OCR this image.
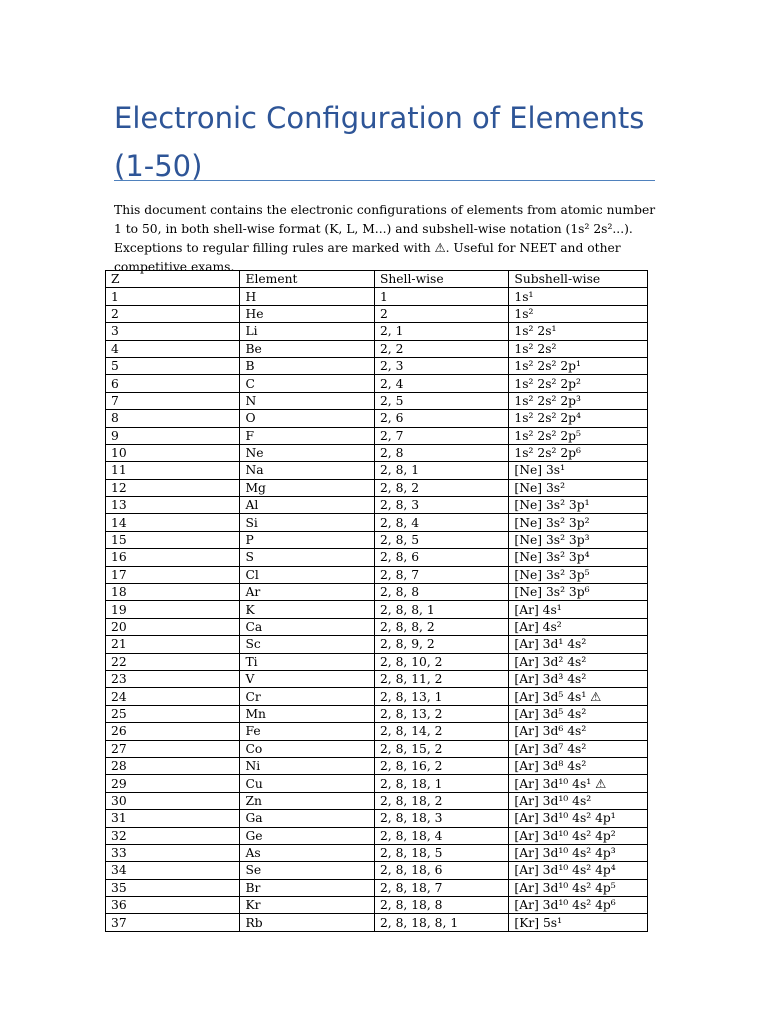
Electronic Configuration of Elements (1-50)

This document contains the electronic configurations of elements from atomic number 1 to 50, in both shell-wise format (K, L, M...) and subshell-wise notation (1s² 2s²...). Exceptions to regular filling rules are marked with ⚠. Useful for NEET and other competitive exams.

Z	Element	Shell-wise	Subshell-wise
1	H	1	1s¹
2	He	2	1s²
3	Li	2, 1	1s² 2s¹
4	Be	2, 2	1s² 2s²
5	B	2, 3	1s² 2s² 2p¹
6	C	2, 4	1s² 2s² 2p²
7	N	2, 5	1s² 2s² 2p³
8	O	2, 6	1s² 2s² 2p⁴
9	F	2, 7	1s² 2s² 2p⁵
10	Ne	2, 8	1s² 2s² 2p⁶
11	Na	2, 8, 1	[Ne] 3s¹
12	Mg	2, 8, 2	[Ne] 3s²
13	Al	2, 8, 3	[Ne] 3s² 3p¹
14	Si	2, 8, 4	[Ne] 3s² 3p²
15	P	2, 8, 5	[Ne] 3s² 3p³
16	S	2, 8, 6	[Ne] 3s² 3p⁴
17	Cl	2, 8, 7	[Ne] 3s² 3p⁵
18	Ar	2, 8, 8	[Ne] 3s² 3p⁶
19	K	2, 8, 8, 1	[Ar] 4s¹
20	Ca	2, 8, 8, 2	[Ar] 4s²
21	Sc	2, 8, 9, 2	[Ar] 3d¹ 4s²
22	Ti	2, 8, 10, 2	[Ar] 3d² 4s²
23	V	2, 8, 11, 2	[Ar] 3d³ 4s²
24	Cr	2, 8, 13, 1	[Ar] 3d⁵ 4s¹ ⚠
25	Mn	2, 8, 13, 2	[Ar] 3d⁵ 4s²
26	Fe	2, 8, 14, 2	[Ar] 3d⁶ 4s²
27	Co	2, 8, 15, 2	[Ar] 3d⁷ 4s²
28	Ni	2, 8, 16, 2	[Ar] 3d⁸ 4s²
29	Cu	2, 8, 18, 1	[Ar] 3d¹⁰ 4s¹ ⚠
30	Zn	2, 8, 18, 2	[Ar] 3d¹⁰ 4s²
31	Ga	2, 8, 18, 3	[Ar] 3d¹⁰ 4s² 4p¹
32	Ge	2, 8, 18, 4	[Ar] 3d¹⁰ 4s² 4p²
33	As	2, 8, 18, 5	[Ar] 3d¹⁰ 4s² 4p³
34	Se	2, 8, 18, 6	[Ar] 3d¹⁰ 4s² 4p⁴
35	Br	2, 8, 18, 7	[Ar] 3d¹⁰ 4s² 4p⁵
36	Kr	2, 8, 18, 8	[Ar] 3d¹⁰ 4s² 4p⁶
37	Rb	2, 8, 18, 8, 1	[Kr] 5s¹
